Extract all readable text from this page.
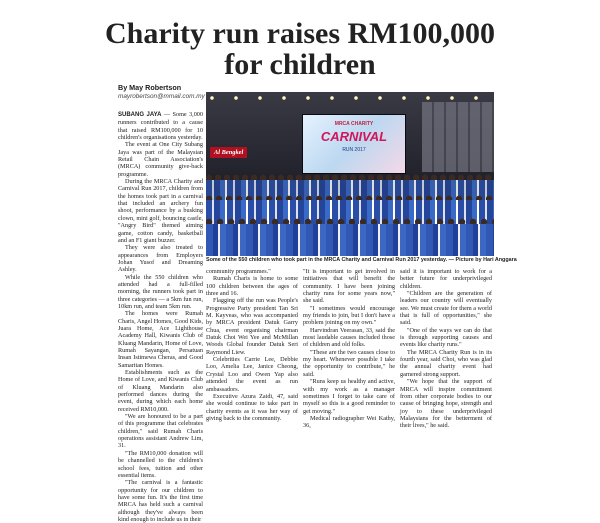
Charity run raises RM100,000
for children
By May Robertson
mayrobertson@mmail.com.my
MRCA CHARITY
CARNIVAL
RUN 2017
Al Bengkel
Some of the 550 children who took part in the MRCA Charity and Carnival Run 2017 yesterday. — Picture by Hari Anggara

SUBANG JAYA — Some 3,000 runners contributed to a cause that raised RM100,000 for 10 children's organisations yesterday.

The event at One City Subang Jaya was part of the Malaysian Retail Chain Association's (MRCA) community give-back programme.

During the MRCA Charity and Carnival Run 2017, children from the homes took part in a carnival that included an archery fun shoot, performance by a busking clown, mini golf, bouncing castle, "Angry Bird" themed aiming game, cotton candy, basketball and an F1 giant buzzer.

They were also treated to appearances from Employers Johan Yusof and Dreaming Ashley.

While the 550 children who attended had a full-filled morning, the runners took part in three categories — a 5km fun run, 10km run, and team 5km run.

The homes were Rumah Charis, Angel Homes, Good Kids, Juara Home, Ace Lighthouse Academy Hall, Kiwanis Club of Kluang Mandarin, Home of Love, Rumah Sayangan, Persatuan Insan Istimewa Cheras, and Good Samaritan Homes.

Establishments such as the Home of Love, and Kiwanis Club of Kluang Mandarin also performed dances during the event, during which each home received RM10,000.

"We are honoured to be a part of this programme that celebrates children," said Rumah Charis operations assistant Andrew Lim, 31.

"The RM10,000 donation will be channelled to the children's school fees, tuition and other essential items.

"The carnival is a fantastic opportunity for our children to have some fun. It's the first time MRCA has held such a carnival although they've always been kind enough to include us in their

community programmes."

Rumah Charis is home to some 100 children between the ages of three and 16.

Flagging off the run was People's Progressive Party president Tan Sri M. Kayveas, who was accompanied by MRCA president Datuk Garry Chua, event organising chairman Datuk Choi Wei Yee and McMillan Woods Global founder Datuk Seri Raymond Liew.

Celebrities Carrie Lee, Debbie Loo, Amelia Lee, Janice Cheong, Crystal Loo and Owen Yap also attended the event as run ambassadors.

Executive Azura Zaidi, 47, said she would continue to take part in charity events as it was her way of giving back to the community.

"It is important to get involved in initiatives that will benefit the community. I have been joining charity runs for some years now," she said.

"I sometimes would encourage my friends to join, but I don't have a problem joining on my own."

Harvindran Veerasan, 33, said the most laudable causes included those of children and old folks.

"These are the two causes close to my heart. Whenever possible I take the opportunity to contribute," he said.

"Runs keep us healthy and active, with my work as a manager sometimes I forget to take care of myself so this is a good reminder to get moving."

Medical radiographer Wei Kathy, 36,

said it is important to work for a better future for underprivileged children.

"Children are the generation of leaders our country will eventually see. We must create for them a world that is full of opportunities," she said.

"One of the ways we can do that is through supporting causes and events like charity runs."

The MRCA Charity Run is in its fourth year, said Choi, who was glad the annual charity event had garnered strong support.

"We hope that the support of MRCA will inspire commitment from other corporate bodies to our cause of bringing hope, strength and joy to these underprivileged Malaysians for the betterment of their lives," he said.
